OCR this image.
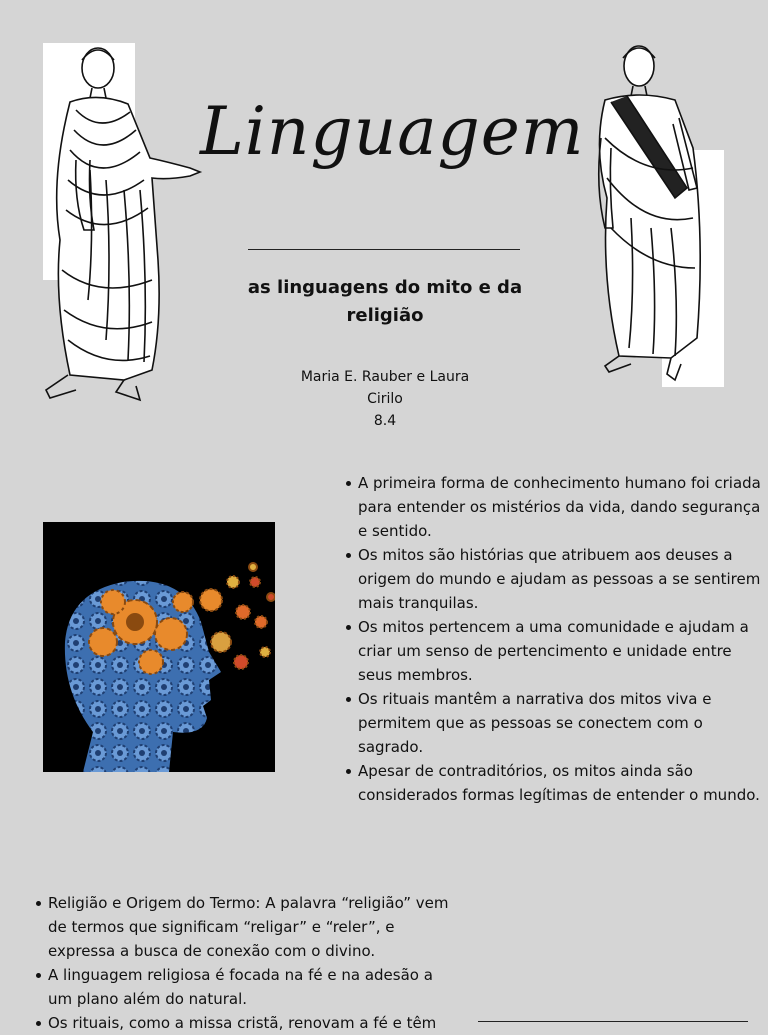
Linguagem
as linguagens do mito e da religião
Maria E. Rauber e Laura
Cirilo
8.4
A primeira forma de conhecimento humano foi criada para entender os mistérios da vida, dando segurança e sentido.
Os mitos são histórias que atribuem aos deuses a origem do mundo e ajudam as pessoas a se sentirem mais tranquilas.
Os mitos pertencem a uma comunidade e ajudam a criar um senso de pertencimento e unidade entre seus membros.
Os rituais mantêm a narrativa dos mitos viva e permitem que as pessoas se conectem com o sagrado.
Apesar de contraditórios, os mitos ainda são considerados formas legítimas de entender o mundo.
Religião e Origem do Termo: A palavra “religião” vem de termos que significam “religar” e “reler”, e expressa a busca de conexão com o divino.
A linguagem religiosa é focada na fé e na adesão a um plano além do natural.
Os rituais, como a missa cristã, renovam a fé e têm
